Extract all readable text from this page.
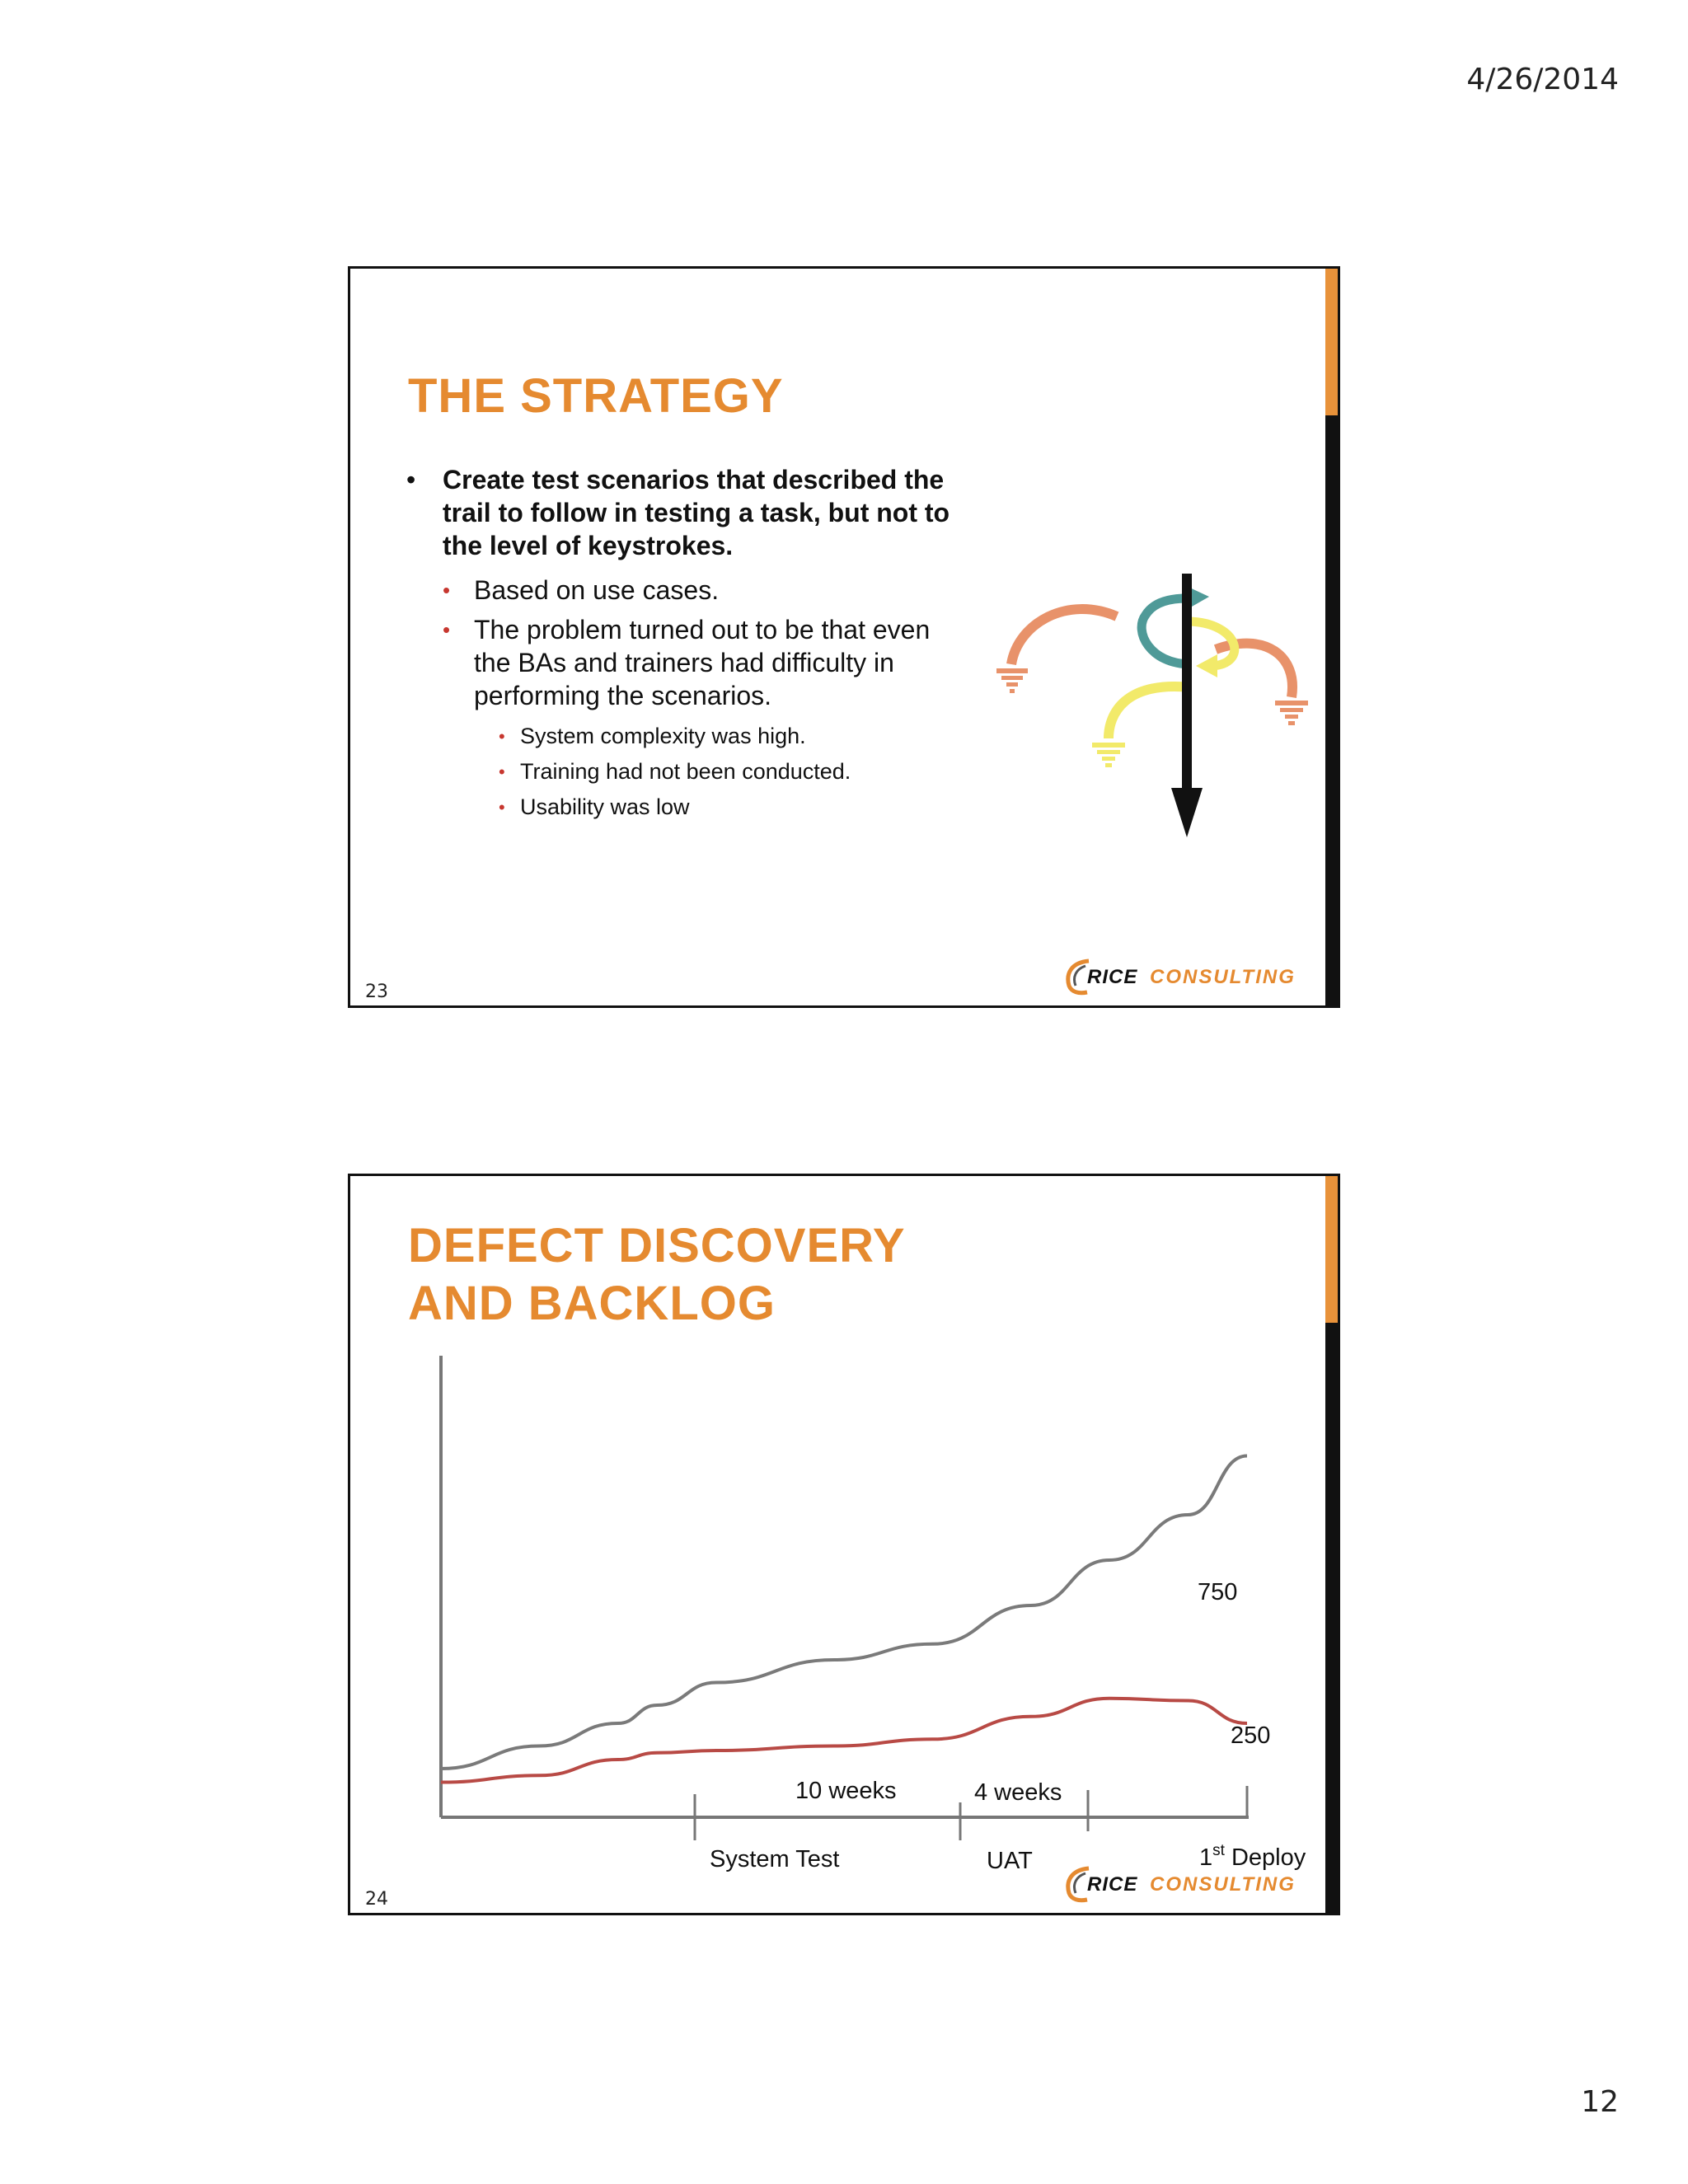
4/26/2014
THE STRATEGY
• Create test scenarios that described the trail to follow in testing a task, but not to the level of keystrokes.
• Based on use cases.
• The problem turned out to be that even the BAs and trainers had difficulty in performing the scenarios.
• System complexity was high.
• Training had not been conducted.
• Usability was low
23
RICE CONSULTING
DEFECT DISCOVERY
AND BACKLOG
10 weeks	4 weeks
750
250
System Test	UAT	1st Deploy
24
RICE CONSULTING
12
